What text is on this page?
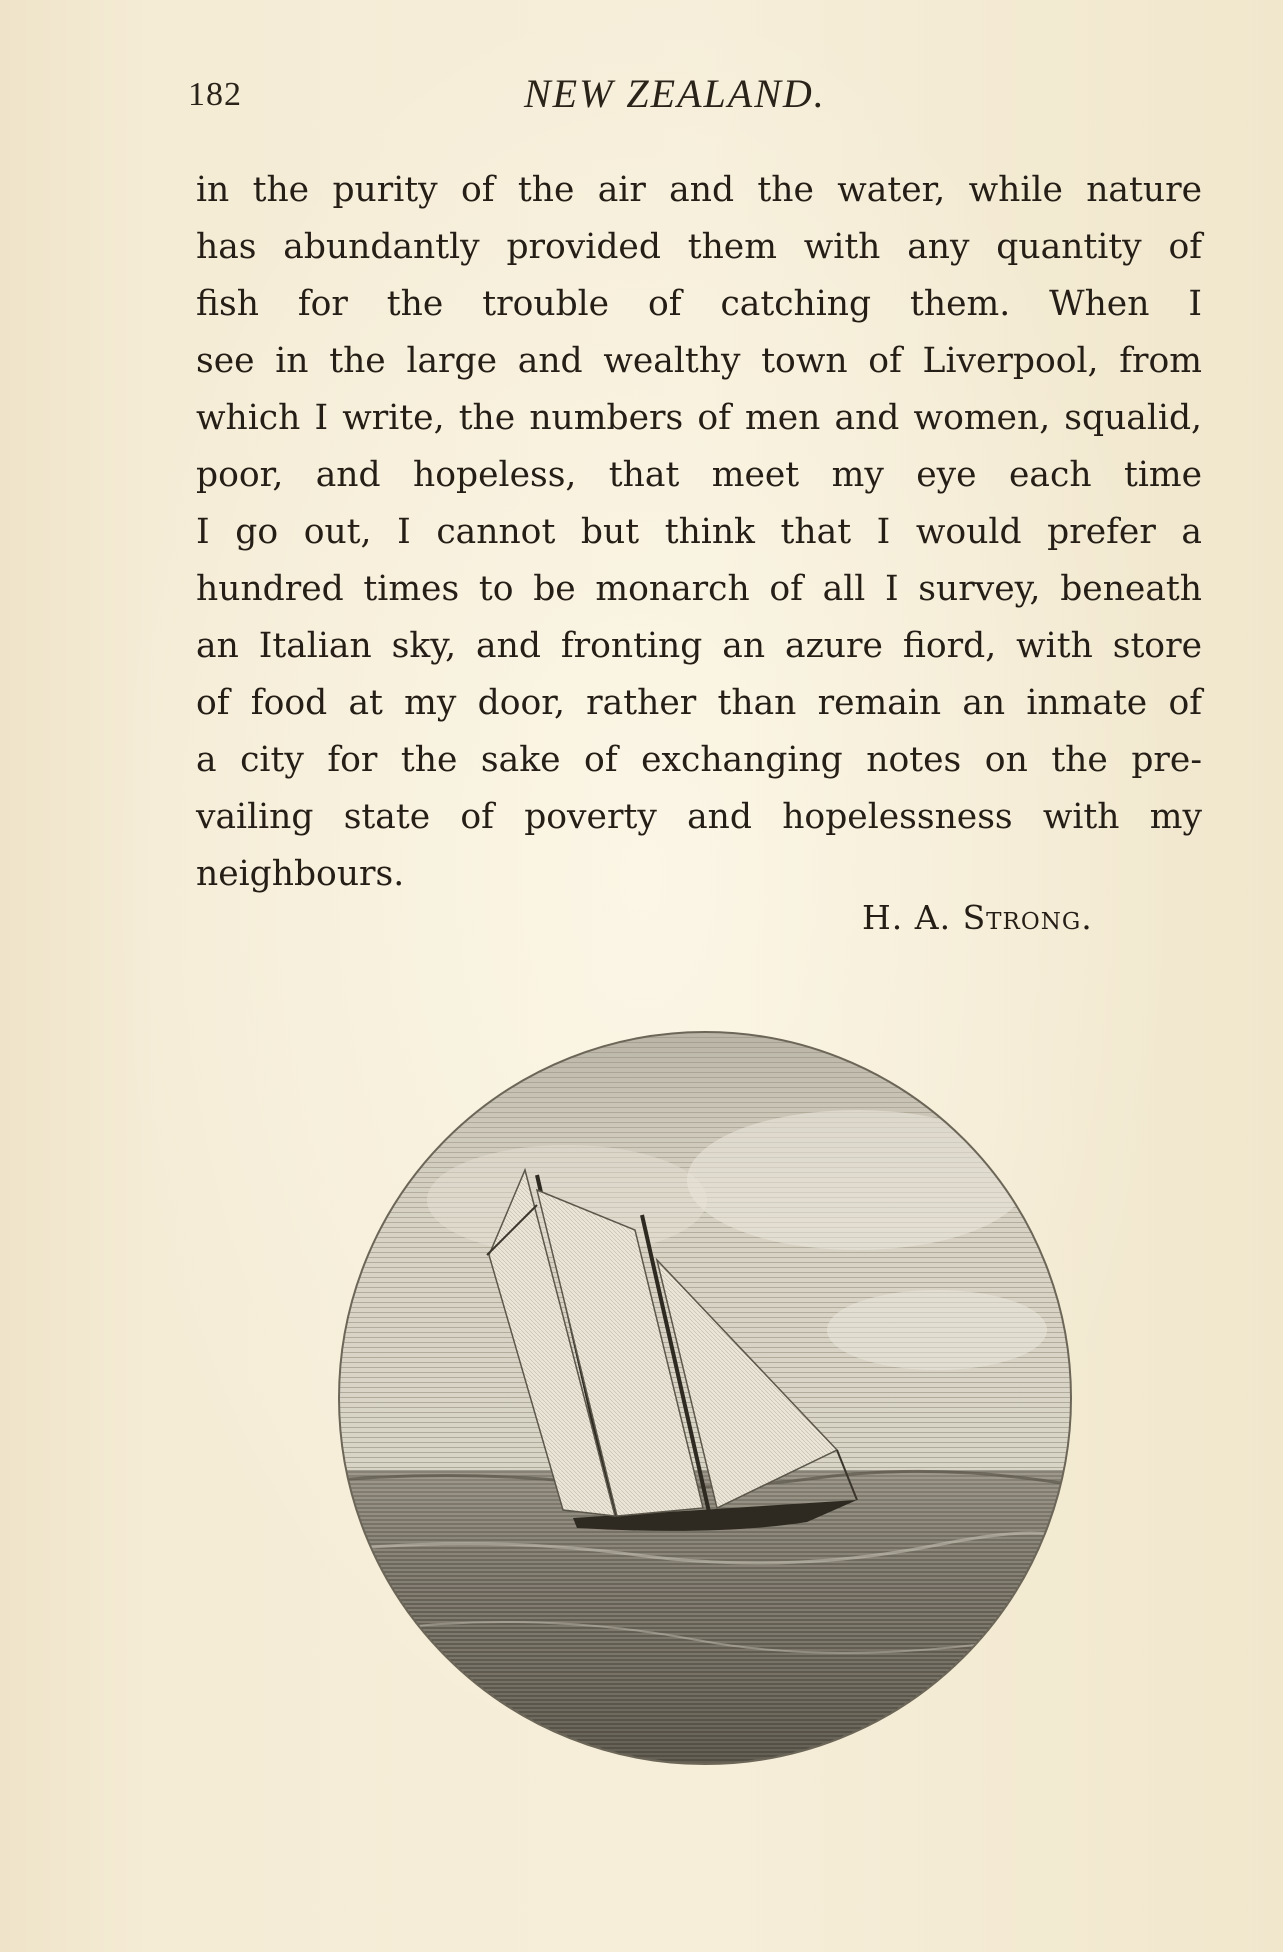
182	NEW ZEALAND.
in the purity of the air and the water, while nature
has abundantly provided them with any quantity of
fish for the trouble of catching them. When I
see in the large and wealthy town of Liverpool, from
which I write, the numbers of men and women, squalid,
poor, and hopeless, that meet my eye each time
I go out, I cannot but think that I would prefer a
hundred times to be monarch of all I survey, beneath
an Italian sky, and fronting an azure fiord, with store
of food at my door, rather than remain an inmate of
a city for the sake of exchanging notes on the pre-
vailing state of poverty and hopelessness with my
neighbours.
H. A. Strong.
